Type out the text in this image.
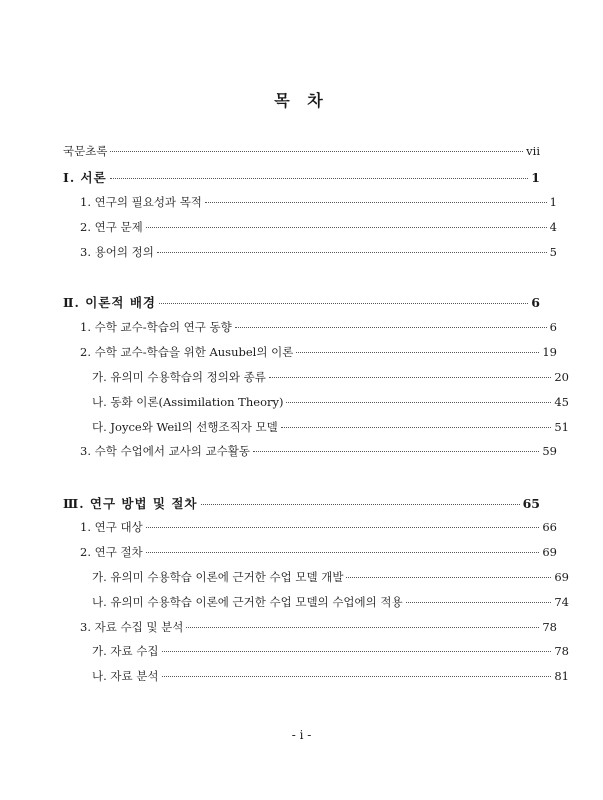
목 차
국문초록	vii
Ⅰ. 서론	1
1. 연구의 필요성과 목적	1
2. 연구 문제	4
3. 용어의 정의	5
Ⅱ. 이론적 배경	6
1. 수학 교수-학습의 연구 동향	6
2. 수학 교수-학습을 위한 Ausubel의 이론	19
가. 유의미 수용학습의 정의와 종류	20
나. 동화 이론(Assimilation Theory)	45
다. Joyce와 Weil의 선행조직자 모델	51
3. 수학 수업에서 교사의 교수활동	59
Ⅲ. 연구 방법 및 절차	65
1. 연구 대상	66
2. 연구 절차	69
가. 유의미 수용학습 이론에 근거한 수업 모델 개발	69
나. 유의미 수용학습 이론에 근거한 수업 모델의 수업에의 적용	74
3. 자료 수집 및 분석	78
가. 자료 수집	78
나. 자료 분석	81
- i -
